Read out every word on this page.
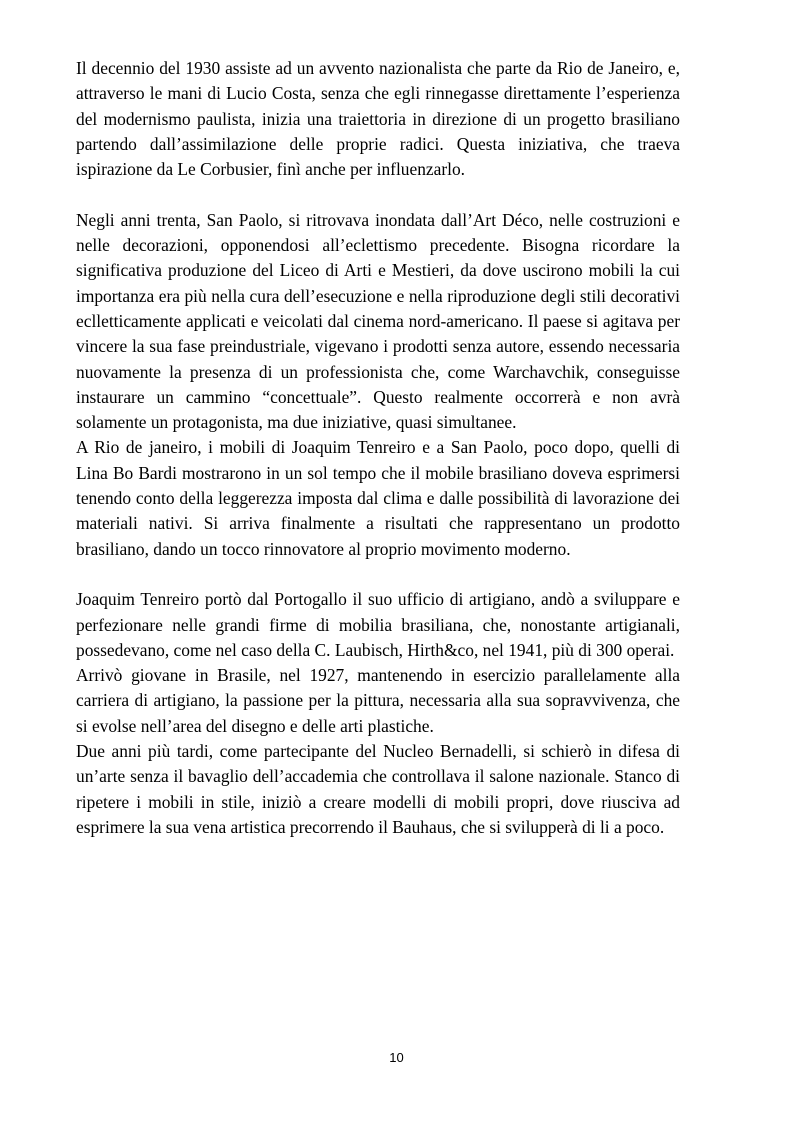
Il decennio del 1930 assiste ad un avvento nazionalista che parte da Rio de Janeiro, e, attraverso le mani di Lucio Costa, senza che egli rinnegasse direttamente l’esperienza del modernismo paulista, inizia una traiettoria in direzione di un progetto brasiliano partendo dall’assimilazione delle proprie radici. Questa iniziativa, che traeva ispirazione da Le Corbusier, finì anche per influenzarlo.

Negli anni trenta, San Paolo, si ritrovava inondata dall’Art Déco, nelle costruzioni e nelle decorazioni, opponendosi all’eclettismo precedente. Bisogna ricordare la significativa produzione del Liceo di Arti e Mestieri, da dove uscirono mobili la cui importanza era più nella cura dell’esecuzione e nella riproduzione degli stili decorativi eclletticamente applicati e veicolati dal cinema nord-americano. Il paese si agitava per vincere la sua fase preindustriale, vigevano i prodotti senza autore, essendo necessaria nuovamente la presenza di un professionista che, come Warchavchik, conseguisse instaurare un cammino “concettuale”. Questo realmente occorrerà e non avrà solamente un protagonista, ma due iniziative, quasi simultanee.

A Rio de janeiro, i mobili di Joaquim Tenreiro e a San Paolo, poco dopo, quelli di Lina Bo Bardi mostrarono in un sol tempo che il mobile brasiliano doveva esprimersi tenendo conto della leggerezza imposta dal clima e dalle possibilità di lavorazione dei materiali nativi. Si arriva finalmente a risultati che rappresentano un prodotto brasiliano, dando un tocco rinnovatore al proprio movimento moderno.

Joaquim Tenreiro portò dal Portogallo il suo ufficio di artigiano, andò a sviluppare e perfezionare nelle grandi firme di mobilia brasiliana, che, nonostante artigianali, possedevano, come nel caso della C. Laubisch, Hirth&co, nel 1941, più di 300 operai.

Arrivò giovane in Brasile, nel 1927, mantenendo in esercizio parallelamente alla carriera di artigiano, la passione per la pittura, necessaria alla sua sopravvivenza, che si evolse nell’area del disegno e delle arti plastiche.

Due anni più tardi, come partecipante del Nucleo Bernadelli, si schierò in difesa di un’arte senza il bavaglio dell’accademia che controllava il salone nazionale. Stanco di ripetere i mobili in stile, iniziò a creare modelli di mobili propri, dove riusciva ad esprimere la sua vena artistica precorrendo il Bauhaus, che si svilupperà di li a poco.

10
